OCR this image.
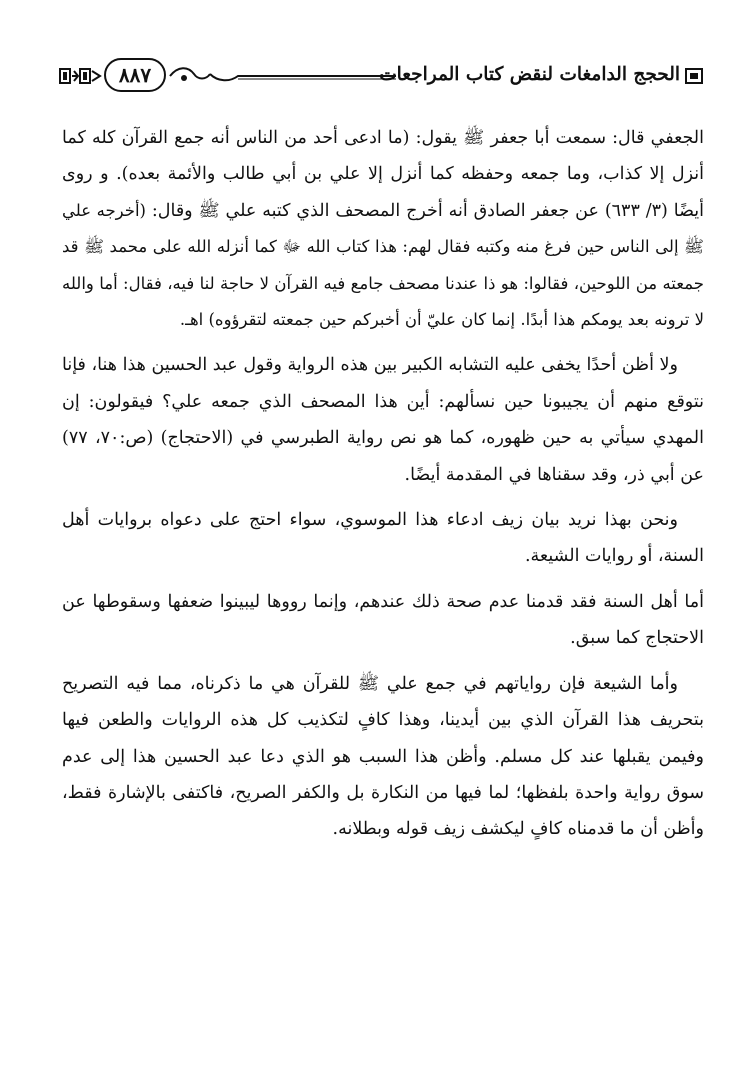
٨٨٧	الحجج الدامغات لنقض كتاب المراجعات

الجعفي قال: سمعت أبا جعفر ﷺ يقول: (ما ادعى أحد من الناس أنه جمع القرآن كله كما أنزل إلا كذاب، وما جمعه وحفظه كما أنزل إلا علي بن أبي طالب والأئمة بعده). و روى أيضًا (٣/ ٦٣٣) عن جعفر الصادق أنه أخرج المصحف الذي كتبه علي ﷺ وقال: (أخرجه علي ﷺ إلى الناس حين فرغ منه وكتبه فقال لهم: هذا كتاب الله ﷻ كما أنزله الله على محمد ﷺ قد جمعته من اللوحين، فقالوا: هو ذا عندنا مصحف جامع فيه القرآن لا حاجة لنا فيه، فقال: أما والله لا ترونه بعد يومكم هذا أبدًا. إنما كان عليّ أن أخبركم حين جمعته لتقرؤوه) اهـ.

ولا أظن أحدًا يخفى عليه التشابه الكبير بين هذه الرواية وقول عبد الحسين هذا هنا، فإنا نتوقع منهم أن يجيبونا حين نسألهم: أين هذا المصحف الذي جمعه علي؟ فيقولون: إن المهدي سيأتي به حين ظهوره، كما هو نص رواية الطبرسي في (الاحتجاج) (ص:٧٠، ٧٧) عن أبي ذر، وقد سقناها في المقدمة أيضًا.

ونحن بهذا نريد بيان زيف ادعاء هذا الموسوي، سواء احتج على دعواه بروايات أهل السنة، أو روايات الشيعة.

أما أهل السنة فقد قدمنا عدم صحة ذلك عندهم، وإنما رووها ليبينوا ضعفها وسقوطها عن الاحتجاج كما سبق.

وأما الشيعة فإن رواياتهم في جمع علي ﷺ للقرآن هي ما ذكرناه، مما فيه التصريح بتحريف هذا القرآن الذي بين أيدينا، وهذا كافٍ لتكذيب كل هذه الروايات والطعن فيها وفيمن يقبلها عند كل مسلم. وأظن هذا السبب هو الذي دعا عبد الحسين هذا إلى عدم سوق رواية واحدة بلفظها؛ لما فيها من النكارة بل والكفر الصريح، فاكتفى بالإشارة فقط، وأظن أن ما قدمناه كافٍ ليكشف زيف قوله وبطلانه.
